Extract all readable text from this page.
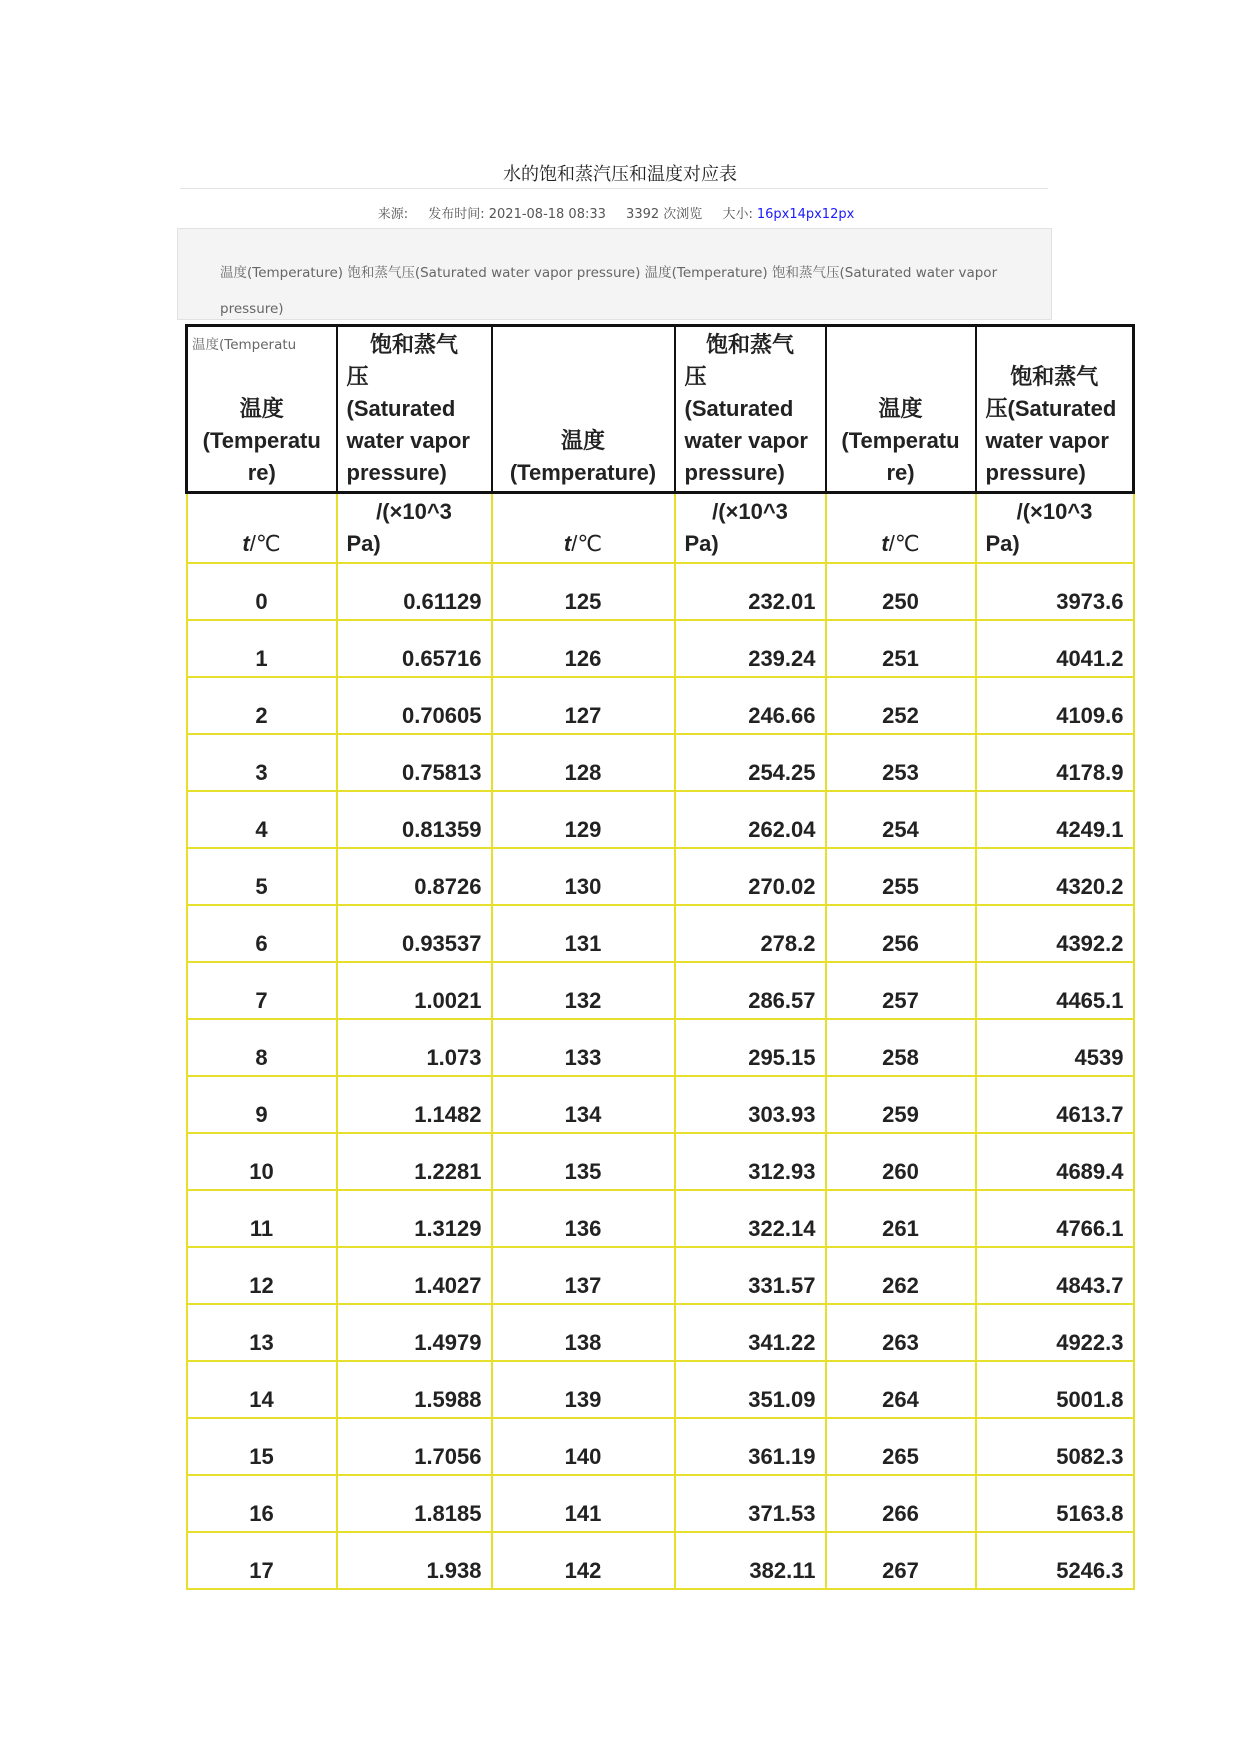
水的饱和蒸汽压和温度对应表
来源: 发布时间: 2021-08-18 08:33 3392 次浏览 大小: 16px14px12px
温度(Temperature) 饱和蒸气压(Saturated water vapor pressure) 温度(Temperature) 饱和蒸气压(Saturated water vapor pressure)
温度(Temperatu
温度
(Temperatu
re)	饱和蒸气
压
(Saturated
water vapor
pressure)	温度
(Temperature)	饱和蒸气
压
(Saturated
water vapor
pressure)	温度
(Temperatu
re)	饱和蒸气
压(Saturated
water vapor
pressure)
t/℃	/(×10^3
Pa)	t/℃	/(×10^3
Pa)	t/℃	/(×10^3
Pa)
0	0.61129	125	232.01	250	3973.6
1	0.65716	126	239.24	251	4041.2
2	0.70605	127	246.66	252	4109.6
3	0.75813	128	254.25	253	4178.9
4	0.81359	129	262.04	254	4249.1
5	0.8726	130	270.02	255	4320.2
6	0.93537	131	278.2	256	4392.2
7	1.0021	132	286.57	257	4465.1
8	1.073	133	295.15	258	4539
9	1.1482	134	303.93	259	4613.7
10	1.2281	135	312.93	260	4689.4
11	1.3129	136	322.14	261	4766.1
12	1.4027	137	331.57	262	4843.7
13	1.4979	138	341.22	263	4922.3
14	1.5988	139	351.09	264	5001.8
15	1.7056	140	361.19	265	5082.3
16	1.8185	141	371.53	266	5163.8
17	1.938	142	382.11	267	5246.3
